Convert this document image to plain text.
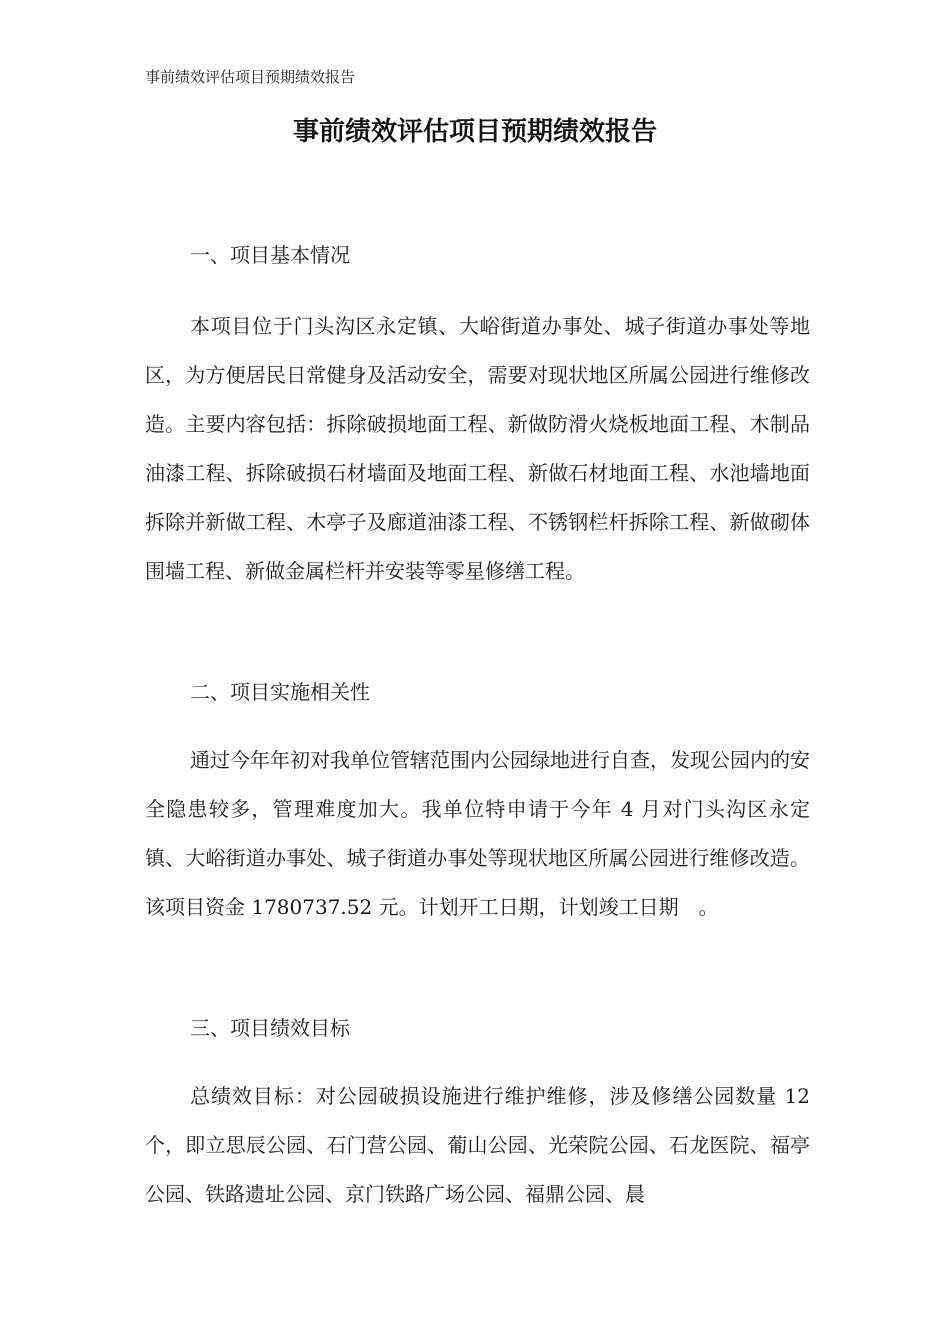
事前绩效评估项目预期绩效报告
事前绩效评估项目预期绩效报告
一、项目基本情况

本项目位于门头沟区永定镇、大峪街道办事处、城子街道办事处等地区，为方便居民日常健身及活动安全，需要对现状地区所属公园进行维修改造。主要内容包括：拆除破损地面工程、新做防滑火烧板地面工程、木制品油漆工程、拆除破损石材墙面及地面工程、新做石材地面工程、水池墙地面拆除并新做工程、木亭子及廊道油漆工程、不锈钢栏杆拆除工程、新做砌体围墙工程、新做金属栏杆并安装等零星修缮工程。

二、项目实施相关性

通过今年年初对我单位管辖范围内公园绿地进行自查，发现公园内的安全隐患较多，管理难度加大。我单位特申请于今年 4 月对门头沟区永定镇、大峪街道办事处、城子街道办事处等现状地区所属公园进行维修改造。该项目资金 1780737.52 元。计划开工日期，计划竣工日期　。

三、项目绩效目标

总绩效目标：对公园破损设施进行维护维修，涉及修缮公园数量 12 个，即立思辰公园、石门营公园、葡山公园、光荣院公园、石龙医院、福亭公园、铁路遗址公园、京门铁路广场公园、福鼎公园、晨
